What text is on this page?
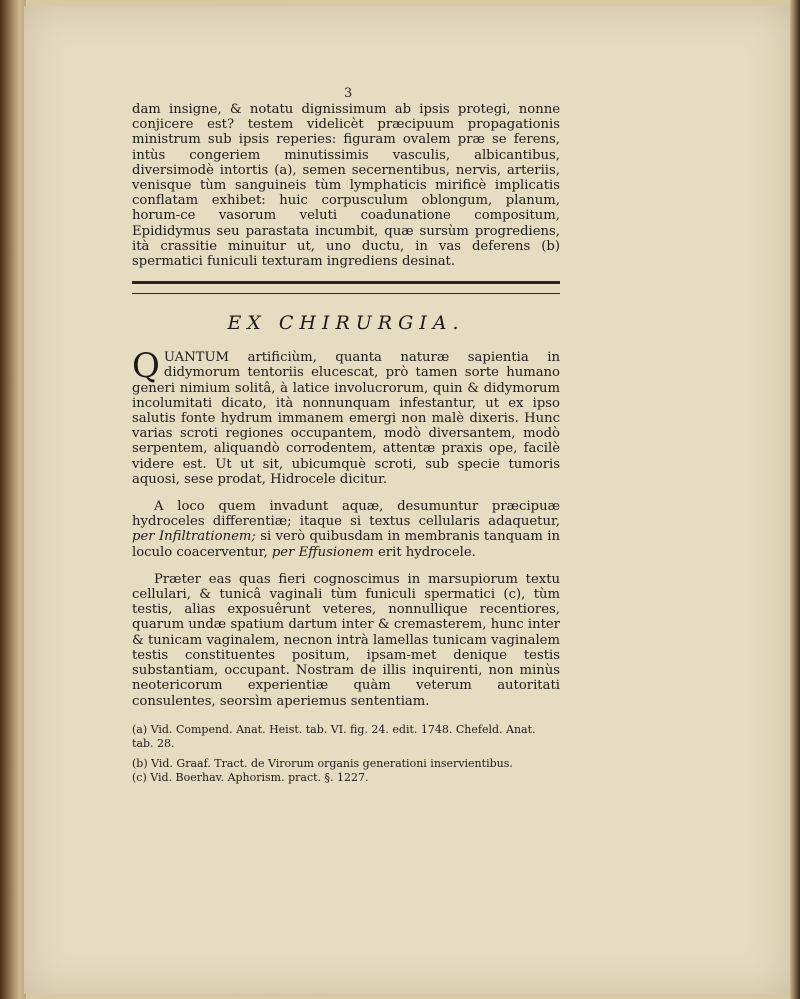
3

dam insigne, & notatu dignissimum ab ipsis protegi, nonne conjicere est? testem videlicèt præcipuum propagationis ministrum sub ipsis reperies: figuram ovalem præ se ferens, intùs congeriem minutissimis vasculis, albicantibus, diversimodè intortis (a), semen secernentibus, nervis, arteriis, venisque tùm sanguineis tùm lymphaticis mirificè implicatis conflatam exhibet: huic corpusculum oblongum, planum, horum-ce vasorum veluti coadunatione compositum, Epididymus seu parastata incumbit, quæ sursùm progrediens, ità crassitie minuitur ut, uno ductu, in vas deferens (b) spermatici funiculi texturam ingrediens desinat.

EX CHIRURGIA.

QUANTUM artificiùm, quanta naturæ sapientia in didymorum tentoriis elucescat, prò tamen sorte humano generi nimium solitâ, à latice involucrorum, quin & didymorum incolumitati dicato, ità nonnunquam infestantur, ut ex ipso salutis fonte hydrum immanem emergi non malè dixeris. Hunc varias scroti regiones occupantem, modò diversantem, modò serpentem, aliquandò corrodentem, attentæ praxis ope, facilè videre est. Ut ut sit, ubicumquè scroti, sub specie tumoris aquosi, sese prodat, Hidrocele dicitur.

A loco quem invadunt aquæ, desumuntur præcipuæ hydroceles differentiæ; itaque si textus cellularis adaquetur, per Infiltrationem; si verò quibusdam in membranis tanquam in loculo coacerventur, per Effusionem erit hydrocele.

Præter eas quas fieri cognoscimus in marsupiorum textu cellulari, & tunicâ vaginali tùm funiculi spermatici (c), tùm testis, alias exposuêrunt veteres, nonnullique recentiores, quarum undæ spatium dartum inter & cremasterem, hunc inter & tunicam vaginalem, necnon intrà lamellas tunicam vaginalem testis constituentes positum, ipsam-met denique testis substantiam, occupant. Nostram de illis inquirenti, non minùs neotericorum experientiæ quàm veterum autoritati consulentes, seorsìm aperiemus sententiam.

(a) Vid. Compend. Anat. Heist. tab. VI. fig. 24. edit. 1748. Chefeld. Anat. tab. 28.

(b) Vid. Graaf. Tract. de Virorum organis generationi inservientibus.

(c) Vid. Boerhav. Aphorism. pract. §. 1227.
